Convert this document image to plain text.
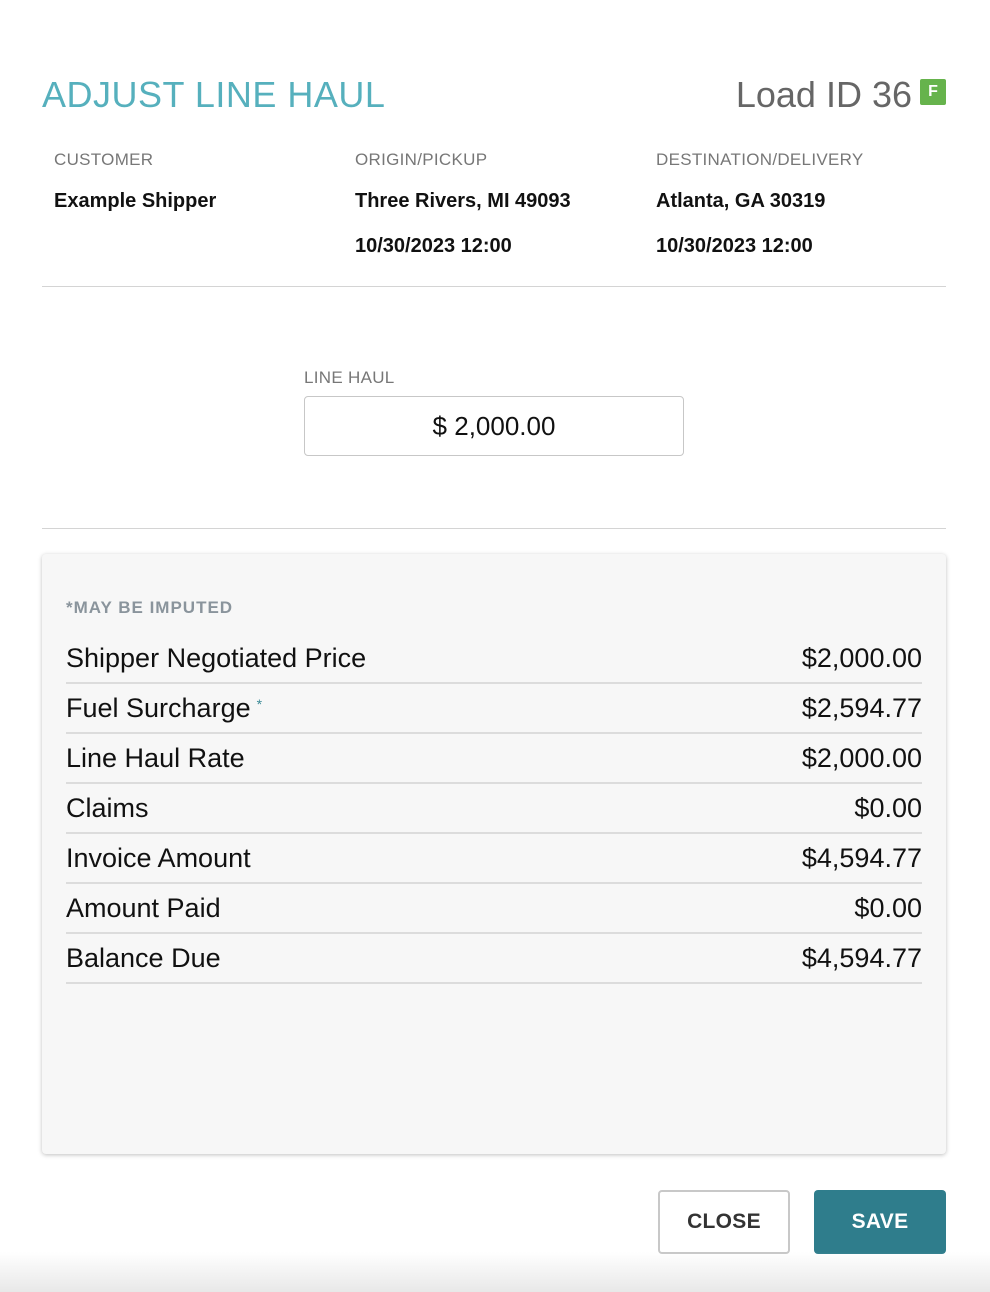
ADJUST LINE HAUL	Load ID 36	F
CUSTOMER
Example Shipper
ORIGIN/PICKUP
Three Rivers, MI 49093
10/30/2023 12:00
DESTINATION/DELIVERY
Atlanta, GA 30319
10/30/2023 12:00
LINE HAUL
$ 2,000.00
*MAY BE IMPUTED
Shipper Negotiated Price	$2,000.00
Fuel Surcharge *	$2,594.77
Line Haul Rate	$2,000.00
Claims	$0.00
Invoice Amount	$4,594.77
Amount Paid	$0.00
Balance Due	$4,594.77
CLOSE	SAVE
